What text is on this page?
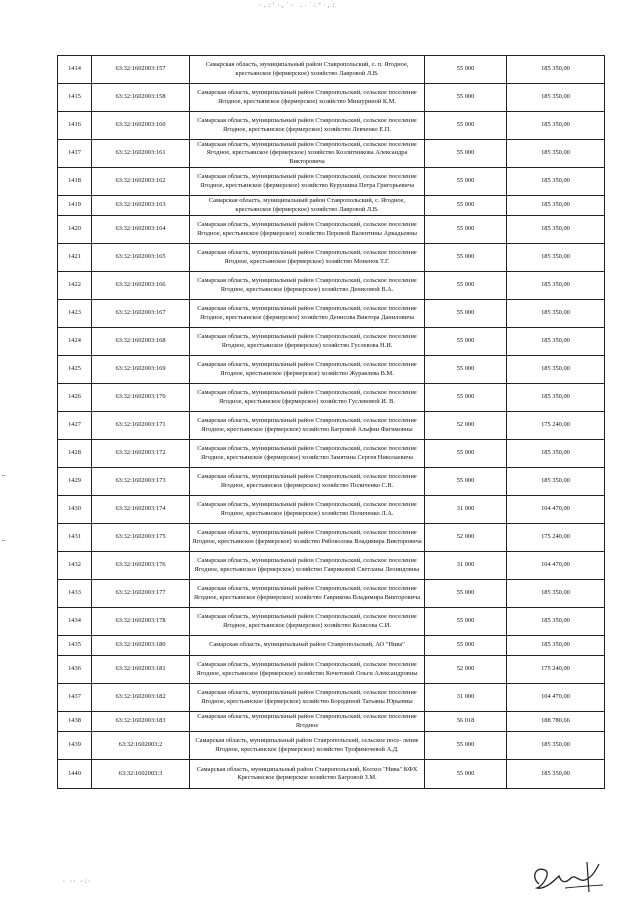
·.:'·,`· .·`:°·,:
1414	63:32:1602003:157	Самарская область, муниципальный район Ставропольский, с. п. Ягодное, крестьянское (фермерское) хозяйство Лавровой Л.В.	55 000	185 350,00
1415	63:32:1602003:158	Самарская область, муниципальный район Ставропольский, сельское поселение Ягодное, крестьянское (фермерское) хозяйство Мишуриной К.М.	55 000	185 350,00
1416	63:32:1602003:160	Самарская область, муниципальный район Ставропольский, сельское поселение Ягодное, крестьянское (фермерское) хозяйство Левченко Е.П.	55 000	185 350,00
1417	63:32:1602003:161	Самарская область, муниципальный район Ставропольский, сельское поселение Ягодное, крестьянское (фермерское) хозяйство Козлитинкова Александра Викторовича	55 000	185 350,00
1418	63:32:1602003:162	Самарская область, муниципальный район Ставропольский, сельское поселение Ягодное, крестьянское (фермерское) хозяйство Курушина Петра Григорьевича	55 000	185 350,00
1419	63:32:1602003:163	Самарская область, муниципальный район Ставропольский, с. Ягодное, крестьянское (фермерское) хозяйство Лавровой Л.В.	55 000	185 350,00
1420	63:32:1602003:164	Самарская область, муниципальный район Ставропольский, сельское поселение Ягодное, крестьянское (фермерское) хозяйство Перовой Валентины Аркадьевны	55 000	185 350,00
1421	63:32:1602003:165	Самарская область, муниципальный район Ставропольский, сельское поселение Ягодное, крестьянское (фермерское) хозяйство Моненок Т.Г.	55 000	185 350,00
1422	63:32:1602003:166	Самарская область, муниципальный район Ставропольский, сельское поселение Ягодное, крестьянское (фермерское) хозяйство Денисовой В.А.	55 000	185 350,00
1423	63:32:1602003:167	Самарская область, муниципальный район Ставропольский, сельское поселение Ягодное, крестьянское (фермерское) хозяйство Денисова Виктора Даниловича	55 000	185 350,00
1424	63:32:1602003:168	Самарская область, муниципальный район Ставропольский, сельское поселение Ягодное, крестьянское (фермерское) хозяйство Гуслевова Н.И.	55 000	185 350,00
1425	63:32:1602003:169	Самарская область, муниципальный район Ставропольский, сельское поселение Ягодное, крестьянское (фермерское) хозяйство Журавлева В.М.	55 000	185 350,00
1426	63:32:1602003:170	Самарская область, муниципальный район Ставропольский, сельское поселение Ягодное, крестьянское (фермерское) хозяйство Гуслевовой И. В.	55 000	185 350,00
1427	63:32:1602003:171	Самарская область, муниципальный район Ставропольский, сельское поселение Ягодное, крестьянское (фермерское) хозяйство Багровой Альфии Фагимовны	52 000	175 240,00
1428	63:32:1602003:172	Самарская область, муниципальный район Ставропольский, сельское поселение Ягодное, крестьянское (фермерское) хозяйство Замятина Сергея Николаевича	55 000	185 350,00
1429	63:32:1602003:173	Самарская область, муниципальный район Ставропольский, сельское поселение Ягодное, крестьянское (фермерское) хозяйство Поличенко С.В.	55 000	185 350,00
1430	63:32:1602003:174	Самарская область, муниципальный район Ставропольский, сельское поселение Ягодное, крестьянское (фермерское) хозяйство Поличенко Л.А.	31 000	104 470,00
1431	63:32:1602003:175	Самарская область, муниципальный район Ставропольский, сельское поселение Ягодное, крестьянское (фермерское) хозяйство Рябоволова Владимира Викторовича	52 000	175 240,00
1432	63:32:1602003:176	Самарская область, муниципальный район Ставропольский, сельское поселение Ягодное, крестьянское (фермерское) хозяйство Гавриковой Светланы Леонидовны	31 000	104 470,00
1433	63:32:1602003:177	Самарская область, муниципальный район Ставропольский, сельское поселение Ягодное, крестьянское (фермерское) хозяйство Гаврикова Владимира Викторовича	55 000	185 350,00
1434	63:32:1602003:178	Самарская область, муниципальный район Ставропольский, сельское поселение Ягодное, крестьянское (фермерское) хозяйство Колясова С.И.	55 000	185 350,00
1435	63:32:1602003:180	Самарская область, муниципальный район Ставропольский, АО "Нива"	55 000	185 350,00
1436	63:32:1602003:181	Самарская область, муниципальный район Ставропольский, сельское поселение Ягодное, крестьянское (фермерское) хозяйство Кочетовой Ольги Александровны	52 000	175 240,00
1437	63:32:1602003:182	Самарская область, муниципальный район Ставропольский, сельское поселение Ягодное, крестьянское (фермерское) хозяйство Бородиной Татьяны Юрьевны	31 000	104 470,00
1438	63:32:1602003:183	Самарская область, муниципальный район Ставропольский, сельское поселение Ягодное	56 018	188 780,66
1439	63:32:1602003:2	Самарская область, муниципальный район Ставропольский, сельское посе- ление Ягодное, крестьянское (фермерское) хозяйство Трофимочевой А.Д.	55 000	185 350,00
1440	63:32:1602003:3	Самарская область, муниципальный район Ставропольский, Колхоз "Нива" КФХ Крестьянское фермерское хозяйство Багровой З.М.	55 000	185 350,00
· ·· ·:·
